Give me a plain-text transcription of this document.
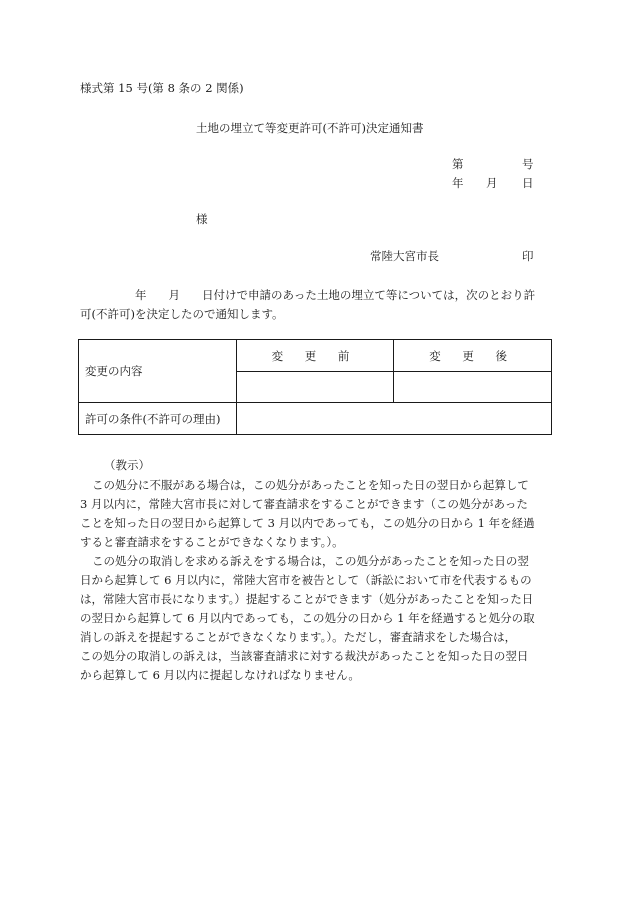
様式第 15 号(第 8 条の 2 関係)
土地の埋立て等変更許可(不許可)決定通知書
第	号
年 月 日
様
常陸大宮市長	印
年 月 日付けで申請のあった土地の埋立て等については，次のとおり許
可(不許可)を決定したので通知します。
変更の内容	変 更 前	変 更 後

許可の条件(不許可の理由)		
（教示）

この処分に不服がある場合は，この処分があったことを知った日の翌日から起算して
3 月以内に，常陸大宮市長に対して審査請求をすることができます（この処分があった
ことを知った日の翌日から起算して 3 月以内であっても，この処分の日から 1 年を経過
すると審査請求をすることができなくなります。）。

この処分の取消しを求める訴えをする場合は，この処分があったことを知った日の翌
日から起算して 6 月以内に，常陸大宮市を被告として（訴訟において市を代表するもの
は，常陸大宮市長になります。）提起することができます（処分があったことを知った日
の翌日から起算して 6 月以内であっても，この処分の日から 1 年を経過すると処分の取
消しの訴えを提起することができなくなります。）。ただし，審査請求をした場合は，
この処分の取消しの訴えは，当該審査請求に対する裁決があったことを知った日の翌日
から起算して 6 月以内に提起しなければなりません。
